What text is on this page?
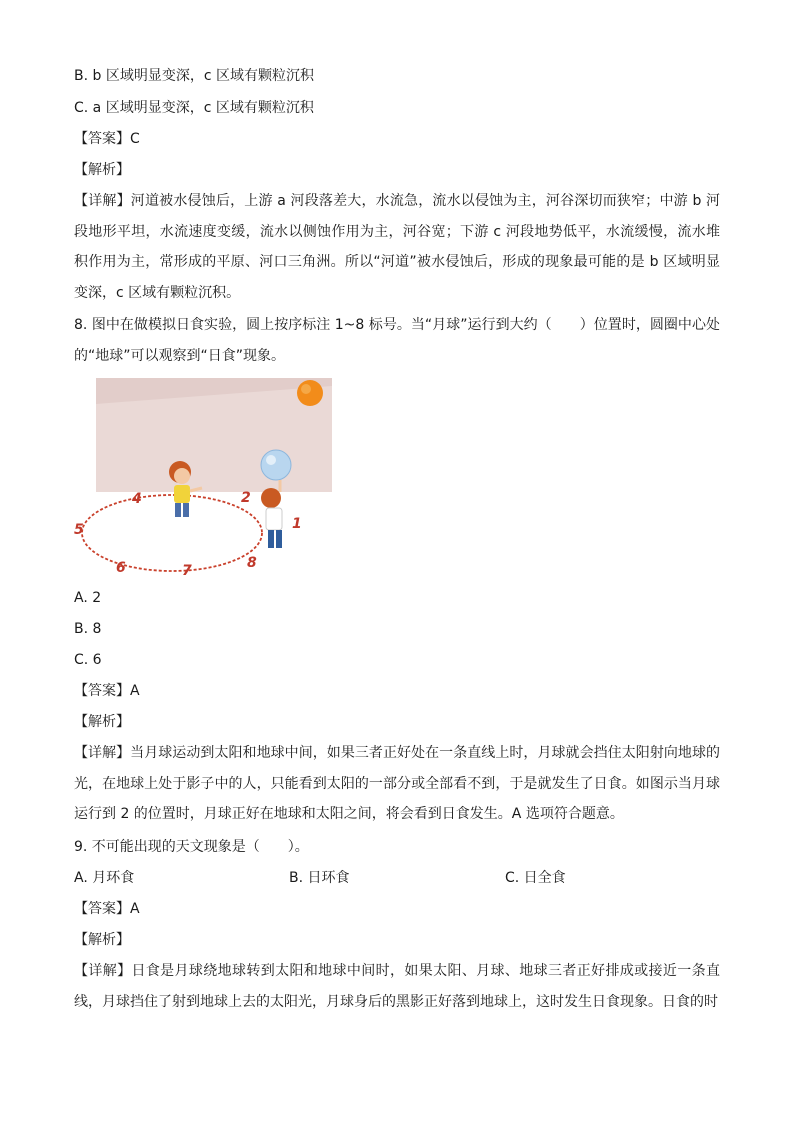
B. b 区域明显变深，c 区域有颗粒沉积
C. a 区域明显变深，c 区域有颗粒沉积
【答案】C
【解析】
【详解】河道被水侵蚀后，上游 a 河段落差大，水流急，流水以侵蚀为主，河谷深切而狭窄；中游 b 河段地形平坦，水流速度变缓，流水以侧蚀作用为主，河谷宽；下游 c 河段地势低平，水流缓慢，流水堆积作用为主，常形成的平原、河口三角洲。所以“河道”被水侵蚀后，形成的现象最可能的是 b 区域明显变深，c 区域有颗粒沉积。
8. 图中在做模拟日食实验，圆上按序标注 1~8 标号。当“月球”运行到大约（　　）位置时，圆圈中心处的“地球”可以观察到“日食”现象。
4	2
5	1
6	7	8
A. 2
B. 8
C. 6
【答案】A
【解析】
【详解】当月球运动到太阳和地球中间，如果三者正好处在一条直线上时，月球就会挡住太阳射向地球的光，在地球上处于影子中的人，只能看到太阳的一部分或全部看不到，于是就发生了日食。如图示当月球运行到 2 的位置时，月球正好在地球和太阳之间，将会看到日食发生。A 选项符合题意。
9. 不可能出现的天文现象是（　　）。
A. 月环食	B. 日环食	C. 日全食
【答案】A
【解析】
【详解】日食是月球绕地球转到太阳和地球中间时，如果太阳、月球、地球三者正好排成或接近一条直线，月球挡住了射到地球上去的太阳光，月球身后的黑影正好落到地球上，这时发生日食现象。日食的时
